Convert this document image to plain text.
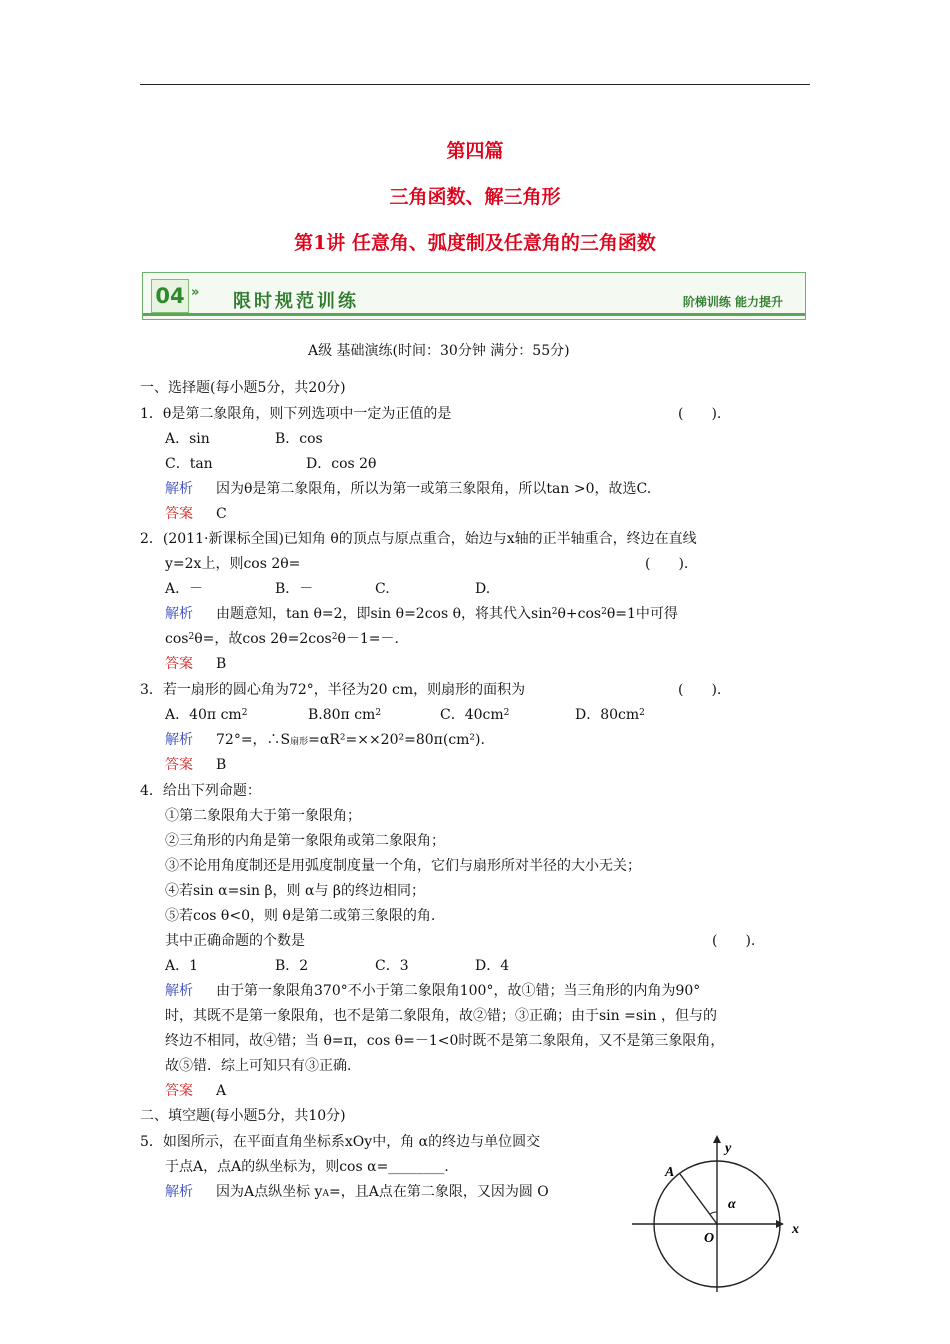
第四篇
三角函数、解三角形
第1讲 任意角、弧度制及任意角的三角函数
04 » 限时规范训练	阶梯训练 能力提升
A级 基础演练(时间：30分钟 满分：55分)
一、选择题(每小题5分，共20分)
1．θ是第二象限角，则下列选项中一定为正值的是	(　　).
A．sin	B．cos
C．tan	D．cos 2θ
解析 因为θ是第二象限角，所以为第一或第三象限角，所以tan >0，故选C.
答案 C
2．(2011·新课标全国)已知角 θ的顶点与原点重合，始边与x轴的正半轴重合，终边在直线
y=2x上，则cos 2θ=	(　　).
A．－	B．－	C.	D.
解析 由题意知，tan θ=2，即sin θ=2cos θ，将其代入$\sin^2\theta+\cos^2\theta=1$中可得
$\cos^2\theta=$，故$\cos 2\theta=2\cos^2\theta-1=-$.
答案 B
3．若一扇形的圆心角为72°，半径为20 cm，则扇形的面积为	(　　).
A．40π $cm^2$	B.80π $cm^2$	C．$40cm^2$	D．$80cm^2$
解析 72°=，∴S扇形=αR²=××20²=80π(cm²).
答案 B
4．给出下列命题：
①第二象限角大于第一象限角；
②三角形的内角是第一象限角或第二象限角；
③不论用角度制还是用弧度制度量一个角，它们与扇形所对半径的大小无关；
④若sin α=sin β，则 α与 β的终边相同；
⑤若cos θ<0，则 θ是第二或第三象限的角.
其中正确命题的个数是	(　　).
A．1	B．2	C．3	D．4
解析 由于第一象限角370°不小于第二象限角100°，故①错；当三角形的内角为90°
时，其既不是第一象限角，也不是第二象限角，故②错；③正确；由于sin =sin ，但与的
终边不相同，故④错；当 θ=π，cos θ=－1<0时既不是第二象限角，又不是第三象限角，
故⑤错．综上可知只有③正确.
答案 A
二、填空题(每小题5分，共10分)
5．如图所示，在平面直角坐标系xOy中，角 α的终边与单位圆交
于点A，点A的纵坐标为，则cos α=________.
解析 因为A点纵坐标 yA=，且A点在第二象限，又因为圆 O
y
x
O
A
α
